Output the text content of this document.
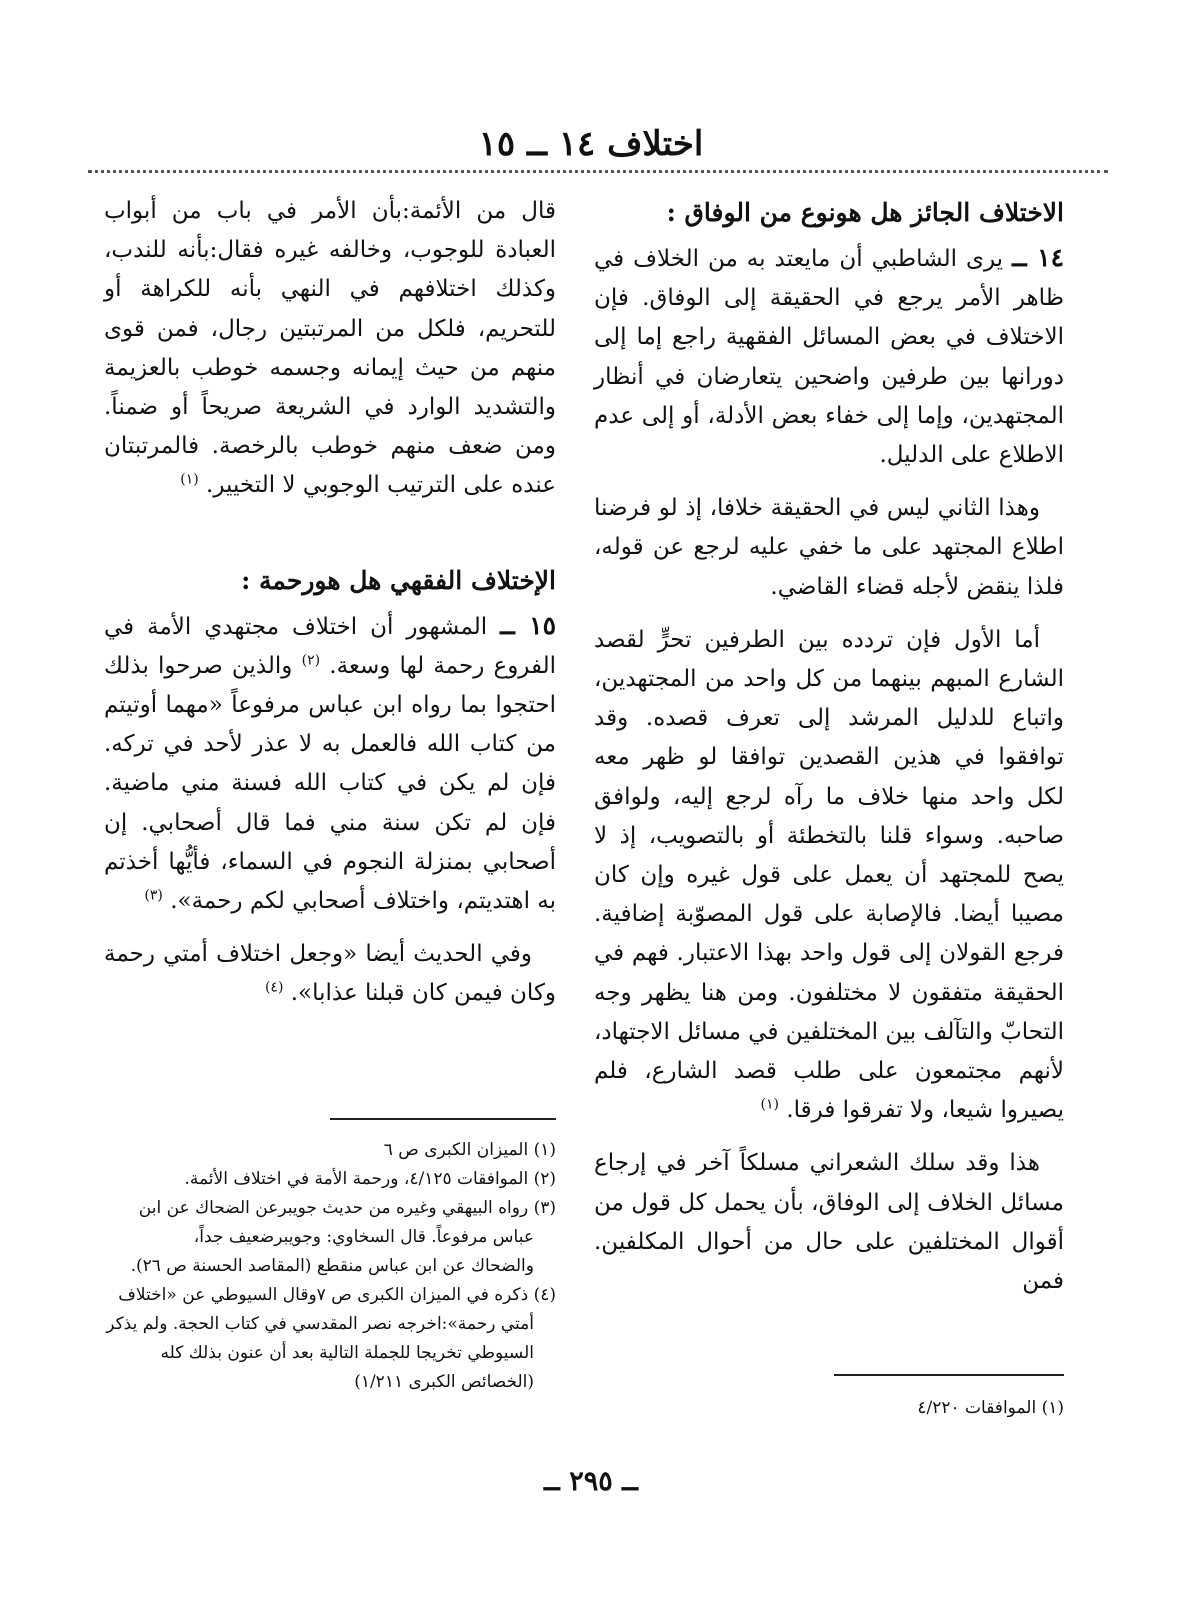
اختلاف ١٤ ــ ١٥
الاختلاف الجائز هل هونوع من الوفاق :

١٤ ــ يرى الشاطبي أن مايعتد به من الخلاف في ظاهر الأمر يرجع في الحقيقة إلى الوفاق. فإن الاختلاف في بعض المسائل الفقهية راجع إما إلى دورانها بين طرفين واضحين يتعارضان في أنظار المجتهدين، وإما إلى خفاء بعض الأدلة، أو إلى عدم الاطلاع على الدليل.

وهذا الثاني ليس في الحقيقة خلافا، إذ لو فرضنا اطلاع المجتهد على ما خفي عليه لرجع عن قوله، فلذا ينقض لأجله قضاء القاضي.

أما الأول فإن تردده بين الطرفين تحرٍّ لقصد الشارع المبهم بينهما من كل واحد من المجتهدين، واتباع للدليل المرشد إلى تعرف قصده. وقد توافقوا في هذين القصدين توافقا لو ظهر معه لكل واحد منها خلاف ما رآه لرجع إليه، ولوافق صاحبه. وسواء قلنا بالتخطئة أو بالتصويب، إذ لا يصح للمجتهد أن يعمل على قول غيره وإن كان مصيبا أيضا. فالإصابة على قول المصوّبة إضافية. فرجع القولان إلى قول واحد بهذا الاعتبار. فهم في الحقيقة متفقون لا مختلفون. ومن هنا يظهر وجه التحابّ والتآلف بين المختلفين في مسائل الاجتهاد، لأنهم مجتمعون على طلب قصد الشارع، فلم يصيروا شيعا، ولا تفرقوا فرقا. $^{(١)}$

هذا وقد سلك الشعراني مسلكاً آخر في إرجاع مسائل الخلاف إلى الوفاق، بأن يحمل كل قول من أقوال المختلفين على حال من أحوال المكلفين. فمن

قال من الأئمة:بأن الأمر في باب من أبواب العبادة للوجوب، وخالفه غيره فقال:بأنه للندب، وكذلك اختلافهم في النهي بأنه للكراهة أو للتحريم، فلكل من المرتبتين رجال، فمن قوى منهم من حيث إيمانه وجسمه خوطب بالعزيمة والتشديد الوارد في الشريعة صريحاً أو ضمناً. ومن ضعف منهم خوطب بالرخصة. فالمرتبتان عنده على الترتيب الوجوبي لا التخيير. $^{(١)}$

الإختلاف الفقهي هل هورحمة :

١٥ ــ المشهور أن اختلاف مجتهدي الأمة في الفروع رحمة لها وسعة. $^{(٢)}$ والذين صرحوا بذلك احتجوا بما رواه ابن عباس مرفوعاً «مهما أوتيتم من كتاب الله فالعمل به لا عذر لأحد في تركه. فإن لم يكن في كتاب الله فسنة مني ماضية. فإن لم تكن سنة مني فما قال أصحابي. إن أصحابي بمنزلة النجوم في السماء، فأيُّها أخذتم به اهتديتم، واختلاف أصحابي لكم رحمة». $^{(٣)}$

وفي الحديث أيضا «وجعل اختلاف أمتي رحمة وكان فيمن كان قبلنا عذابا». $^{(٤)}$

(١) الميزان الكبرى ص ٦
(٢) الموافقات ٤/١٢٥، ورحمة الأمة في اختلاف الأئمة.
(٣) رواه البيهقي وغيره من حديث جويبرعن الضحاك عن ابن
عباس مرفوعاً. قال السخاوي: وجويبرضعيف جداً،
والضحاك عن ابن عباس منقطع (المقاصد الحسنة ص ٢٦).
(٤) ذكره في الميزان الكبرى ص ٧وقال السيوطي عن «اختلاف
أمتي رحمة»:اخرجه نصر المقدسي في كتاب الحجة. ولم يذكر
السيوطي تخريجا للجملة التالية بعد أن عنون بذلك كله
(الخصائص الكبرى ١/٢١١)
(١) الموافقات ٤/٢٢٠
ــ ٢٩٥ ــ
